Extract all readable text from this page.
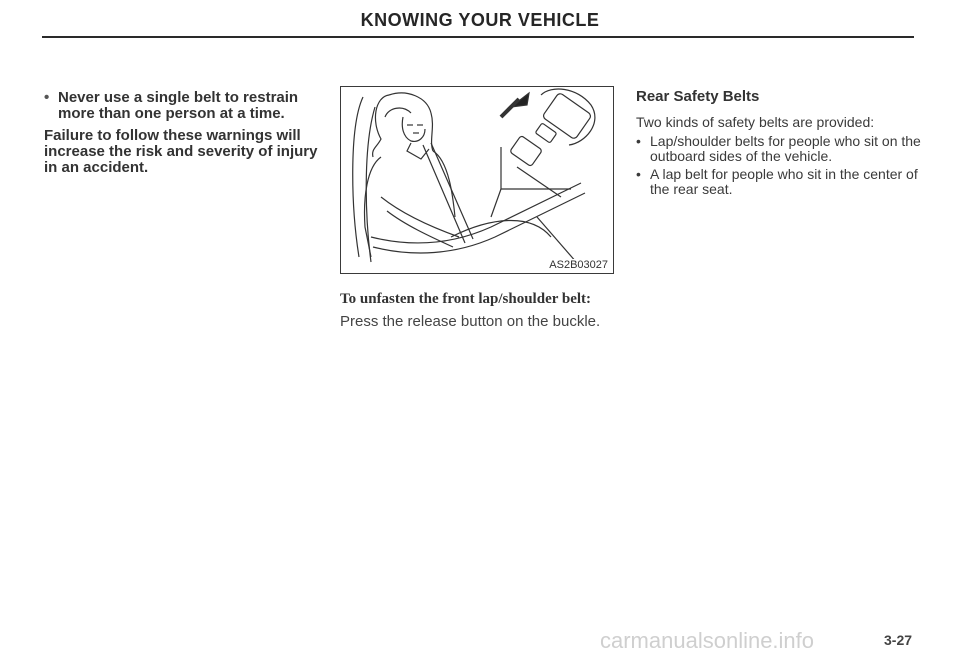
KNOWING YOUR VEHICLE
• Never use a single belt to restrain more than one person at a time.

Failure to follow these warnings will increase the risk and severity of injury in an accident.

AS2B03027
To unfasten the front lap/shoulder belt:
Press the release button on the buckle.
Rear Safety Belts
Two kinds of safety belts are provided:
• Lap/shoulder belts for people who sit on the outboard sides of the vehicle.
• A lap belt for people who sit in the center of the rear seat.
carmanualsonline.info	3-27
